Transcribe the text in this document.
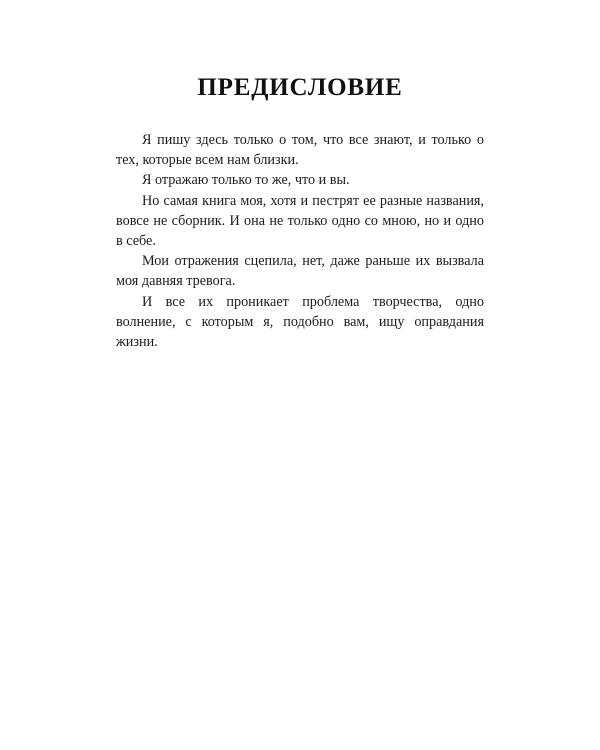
ПРЕДИСЛОВИЕ

Я пишу здесь только о том, что все знают, и только о тех, которые всем нам близки.

Я отражаю только то же, что и вы.

Но самая книга моя, хотя и пестрят ее разные названия, вовсе не сборник. И она не только одно со мною, но и одно в себе.

Мои отражения сцепила, нет, даже раньше их вызвала моя давняя тревога.

И все их проникает проблема творчества, одно волнение, с которым я, подобно вам, ищу оправдания жизни.
